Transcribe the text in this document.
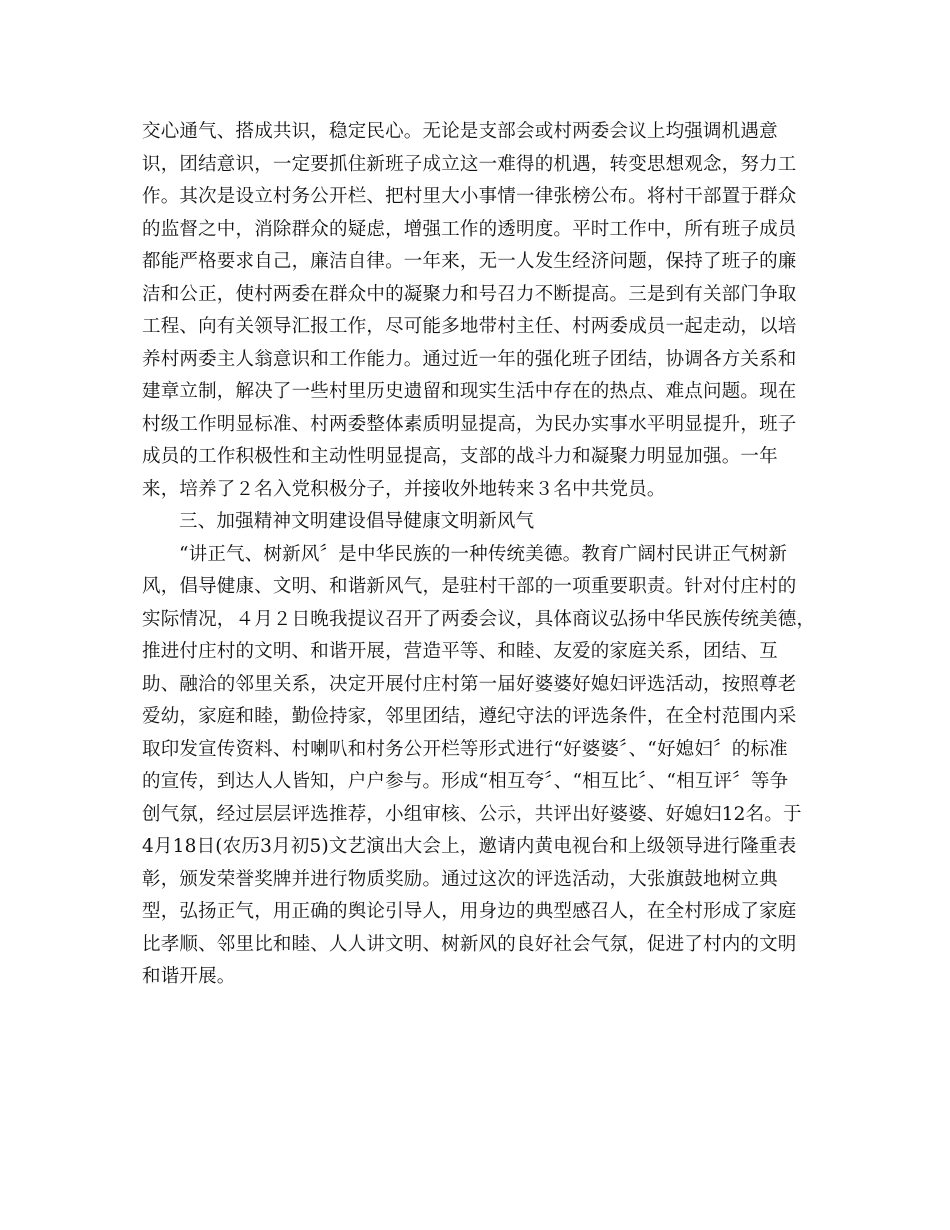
交心通气、搭成共识，稳定民心。无论是支部会或村两委会议上均强调机遇意
识，团结意识，一定要抓住新班子成立这一难得的机遇，转变思想观念，努力工
作。其次是设立村务公开栏、把村里大小事情一律张榜公布。将村干部置于群众
的监督之中，消除群众的疑虑，增强工作的透明度。平时工作中，所有班子成员
都能严格要求自己，廉洁自律。一年来，无一人发生经济问题，保持了班子的廉
洁和公正，使村两委在群众中的凝聚力和号召力不断提高。三是到有关部门争取
工程、向有关领导汇报工作，尽可能多地带村主任、村两委成员一起走动，以培
养村两委主人翁意识和工作能力。通过近一年的强化班子团结，协调各方关系和
建章立制，解决了一些村里历史遗留和现实生活中存在的热点、难点问题。现在
村级工作明显标准、村两委整体素质明显提高，为民办实事水平明显提升，班子
成员的工作积极性和主动性明显提高，支部的战斗力和凝聚力明显加强。一年
来，培养了２名入党积极分子，并接收外地转来３名中共党员。
三、加强精神文明建设倡导健康文明新风气
“讲正气、树新风〞是中华民族的一种传统美德。教育广阔村民讲正气树新
风，倡导健康、文明、和谐新风气，是驻村干部的一项重要职责。针对付庄村的
实际情况，４月２日晚我提议召开了两委会议，具体商议弘扬中华民族传统美德，
推进付庄村的文明、和谐开展，营造平等、和睦、友爱的家庭关系，团结、互
助、融洽的邻里关系，决定开展付庄村第一届好婆婆好媳妇评选活动，按照尊老
爱幼，家庭和睦，勤俭持家，邻里团结，遵纪守法的评选条件，在全村范围内采
取印发宣传资料、村喇叭和村务公开栏等形式进行“好婆婆〞、“好媳妇〞的标准
的宣传，到达人人皆知，户户参与。形成“相互夸〞、“相互比〞、“相互评〞等争
创气氛，经过层层评选推荐，小组审核、公示，共评出好婆婆、好媳妇12名。于
4月18日(农历3月初5)文艺演出大会上，邀请内黄电视台和上级领导进行隆重表
彰，颁发荣誉奖牌并进行物质奖励。通过这次的评选活动，大张旗鼓地树立典
型，弘扬正气，用正确的舆论引导人，用身边的典型感召人，在全村形成了家庭
比孝顺、邻里比和睦、人人讲文明、树新风的良好社会气氛，促进了村内的文明
和谐开展。
